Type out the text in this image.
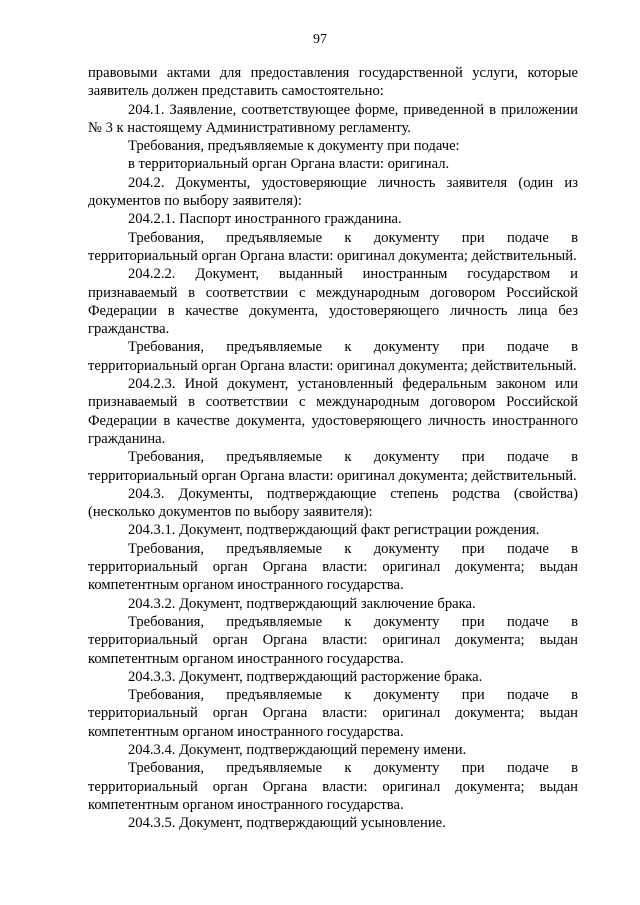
97

правовыми актами для предоставления государственной услуги, которые заявитель должен представить самостоятельно:

204.1. Заявление, соответствующее форме, приведенной в приложении № 3 к настоящему Административному регламенту.

Требования, предъявляемые к документу при подаче:

в территориальный орган Органа власти: оригинал.

204.2. Документы, удостоверяющие личность заявителя (один из документов по выбору заявителя):

204.2.1. Паспорт иностранного гражданина.

Требования, предъявляемые к документу при подаче в территориальный орган Органа власти: оригинал документа; действительный.

204.2.2. Документ, выданный иностранным государством и признаваемый в соответствии с международным договором Российской Федерации в качестве документа, удостоверяющего личность лица без гражданства.

Требования, предъявляемые к документу при подаче в территориальный орган Органа власти: оригинал документа; действительный.

204.2.3. Иной документ, установленный федеральным законом или признаваемый в соответствии с международным договором Российской Федерации в качестве документа, удостоверяющего личность иностранного гражданина.

Требования, предъявляемые к документу при подаче в территориальный орган Органа власти: оригинал документа; действительный.

204.3. Документы, подтверждающие степень родства (свойства) (несколько документов по выбору заявителя):

204.3.1. Документ, подтверждающий факт регистрации рождения.

Требования, предъявляемые к документу при подаче в территориальный орган Органа власти: оригинал документа; выдан компетентным органом иностранного государства.

204.3.2. Документ, подтверждающий заключение брака.

Требования, предъявляемые к документу при подаче в территориальный орган Органа власти: оригинал документа; выдан компетентным органом иностранного государства.

204.3.3. Документ, подтверждающий расторжение брака.

Требования, предъявляемые к документу при подаче в территориальный орган Органа власти: оригинал документа; выдан компетентным органом иностранного государства.

204.3.4. Документ, подтверждающий перемену имени.

Требования, предъявляемые к документу при подаче в территориальный орган Органа власти: оригинал документа; выдан компетентным органом иностранного государства.

204.3.5. Документ, подтверждающий усыновление.
